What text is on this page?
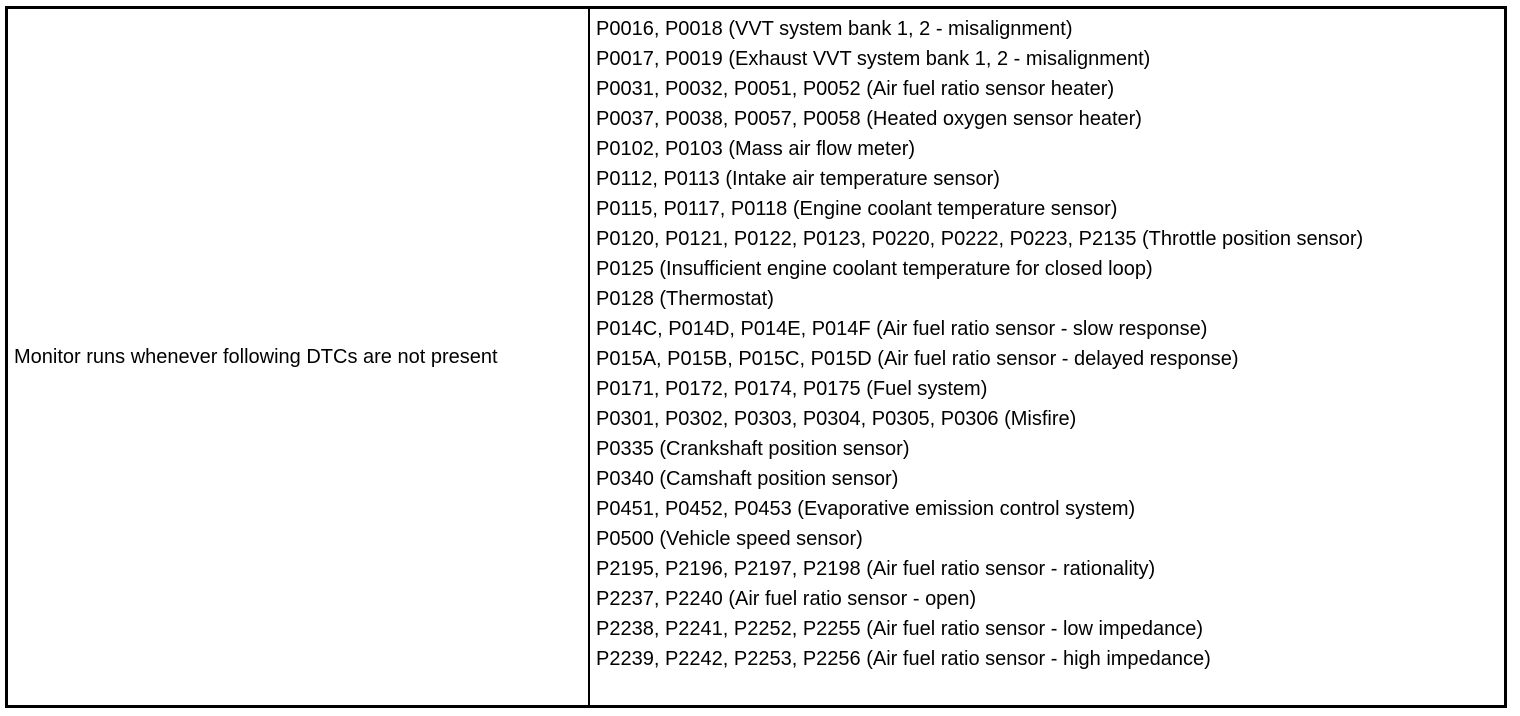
Monitor runs whenever following DTCs are not present
P0016, P0018 (VVT system bank 1, 2 - misalignment)
P0017, P0019 (Exhaust VVT system bank 1, 2 - misalignment)
P0031, P0032, P0051, P0052 (Air fuel ratio sensor heater)
P0037, P0038, P0057, P0058 (Heated oxygen sensor heater)
P0102, P0103 (Mass air flow meter)
P0112, P0113 (Intake air temperature sensor)
P0115, P0117, P0118 (Engine coolant temperature sensor)
P0120, P0121, P0122, P0123, P0220, P0222, P0223, P2135 (Throttle position sensor)
P0125 (Insufficient engine coolant temperature for closed loop)
P0128 (Thermostat)
P014C, P014D, P014E, P014F (Air fuel ratio sensor - slow response)
P015A, P015B, P015C, P015D (Air fuel ratio sensor - delayed response)
P0171, P0172, P0174, P0175 (Fuel system)
P0301, P0302, P0303, P0304, P0305, P0306 (Misfire)
P0335 (Crankshaft position sensor)
P0340 (Camshaft position sensor)
P0451, P0452, P0453 (Evaporative emission control system)
P0500 (Vehicle speed sensor)
P2195, P2196, P2197, P2198 (Air fuel ratio sensor - rationality)
P2237, P2240 (Air fuel ratio sensor - open)
P2238, P2241, P2252, P2255 (Air fuel ratio sensor - low impedance)
P2239, P2242, P2253, P2256 (Air fuel ratio sensor - high impedance)
